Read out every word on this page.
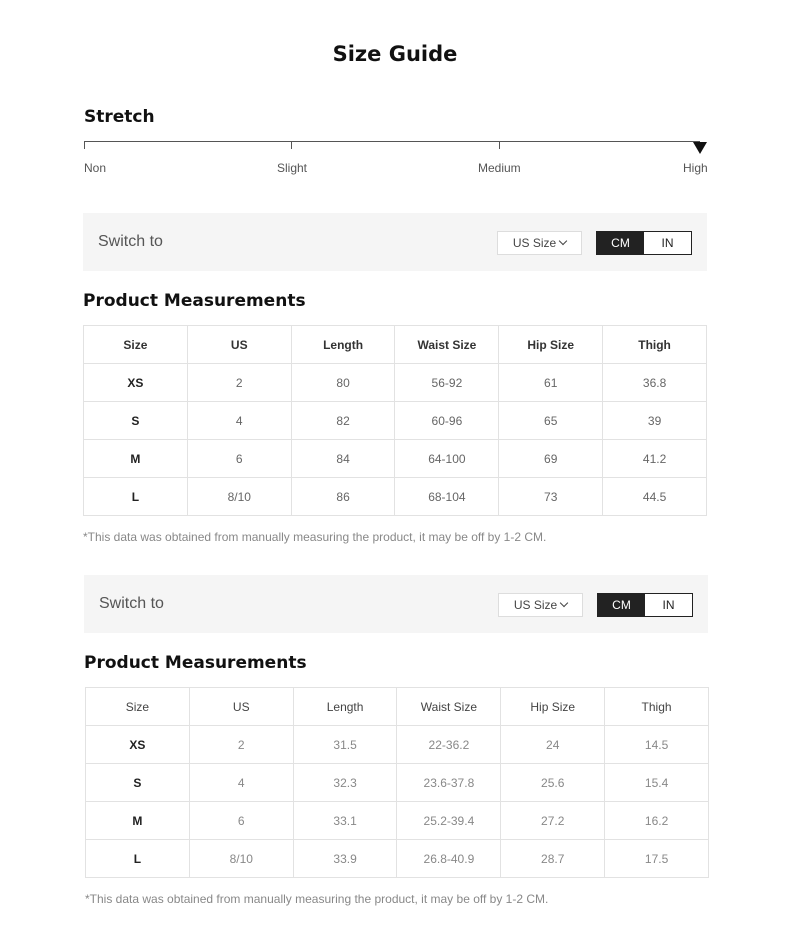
Size Guide
Stretch
Non	Slight	Medium	High
Switch to	US Size	CM	IN
Product Measurements
Size	US	Length	Waist Size	Hip Size	Thigh
XS	2	80	56-92	61	36.8
S	4	82	60-96	65	39
M	6	84	64-100	69	41.2
L	8/10	86	68-104	73	44.5
*This data was obtained from manually measuring the product, it may be off by 1-2 CM.
Switch to	US Size	CM	IN
Product Measurements
Size	US	Length	Waist Size	Hip Size	Thigh
XS	2	31.5	22-36.2	24	14.5
S	4	32.3	23.6-37.8	25.6	15.4
M	6	33.1	25.2-39.4	27.2	16.2
L	8/10	33.9	26.8-40.9	28.7	17.5
*This data was obtained from manually measuring the product, it may be off by 1-2 CM.
